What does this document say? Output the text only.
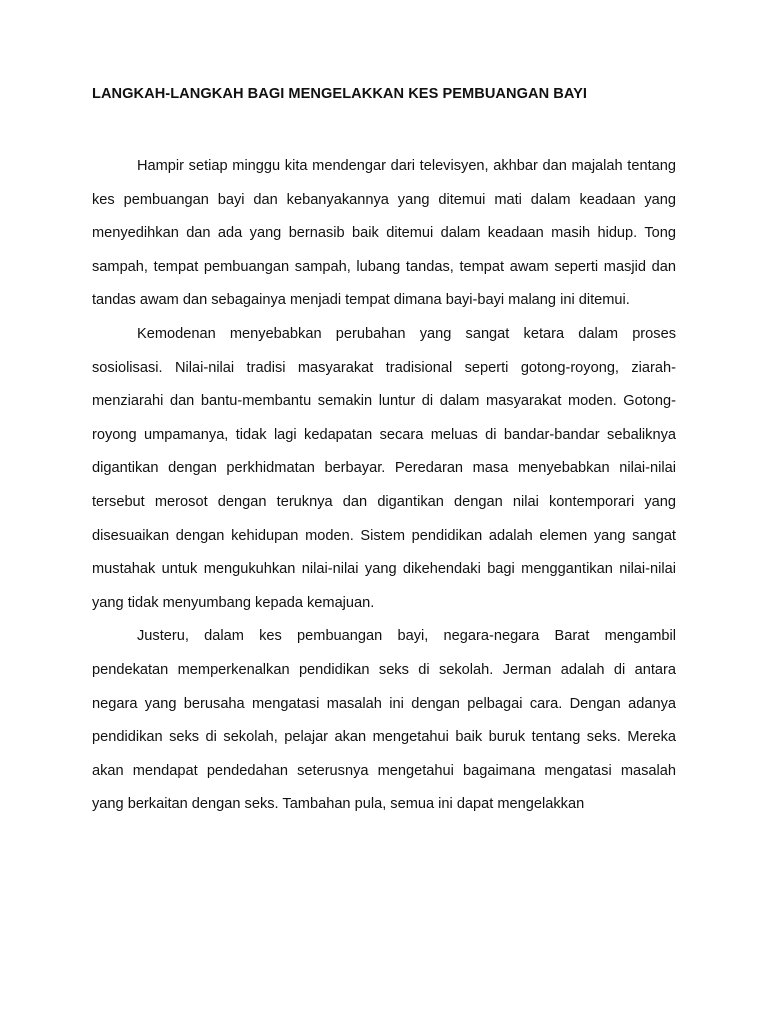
LANGKAH-LANGKAH BAGI MENGELAKKAN KES PEMBUANGAN BAYI

Hampir setiap minggu kita mendengar dari televisyen, akhbar dan majalah tentang kes pembuangan bayi dan kebanyakannya yang ditemui mati dalam keadaan yang menyedihkan dan ada yang bernasib baik ditemui dalam keadaan masih hidup. Tong sampah, tempat pembuangan sampah, lubang tandas, tempat awam seperti masjid dan tandas awam dan sebagainya menjadi tempat dimana bayi-bayi malang ini ditemui.

Kemodenan menyebabkan perubahan yang sangat ketara dalam proses sosiolisasi. Nilai-nilai tradisi masyarakat tradisional seperti gotong-royong, ziarah-menziarahi dan bantu-membantu semakin luntur di dalam masyarakat moden. Gotong-royong umpamanya, tidak lagi kedapatan secara meluas di bandar-bandar sebaliknya digantikan dengan perkhidmatan berbayar. Peredaran masa menyebabkan nilai-nilai tersebut merosot dengan teruknya dan digantikan dengan nilai kontemporari yang disesuaikan dengan kehidupan moden. Sistem pendidikan adalah elemen yang sangat mustahak untuk mengukuhkan nilai-nilai yang dikehendaki bagi menggantikan nilai-nilai yang tidak menyumbang kepada kemajuan.

Justeru, dalam kes pembuangan bayi, negara-negara Barat mengambil pendekatan memperkenalkan pendidikan seks di sekolah. Jerman adalah di antara negara yang berusaha mengatasi masalah ini dengan pelbagai cara. Dengan adanya pendidikan seks di sekolah, pelajar akan mengetahui baik buruk tentang seks. Mereka akan mendapat pendedahan seterusnya mengetahui bagaimana mengatasi masalah yang berkaitan dengan seks. Tambahan pula, semua ini dapat mengelakkan
